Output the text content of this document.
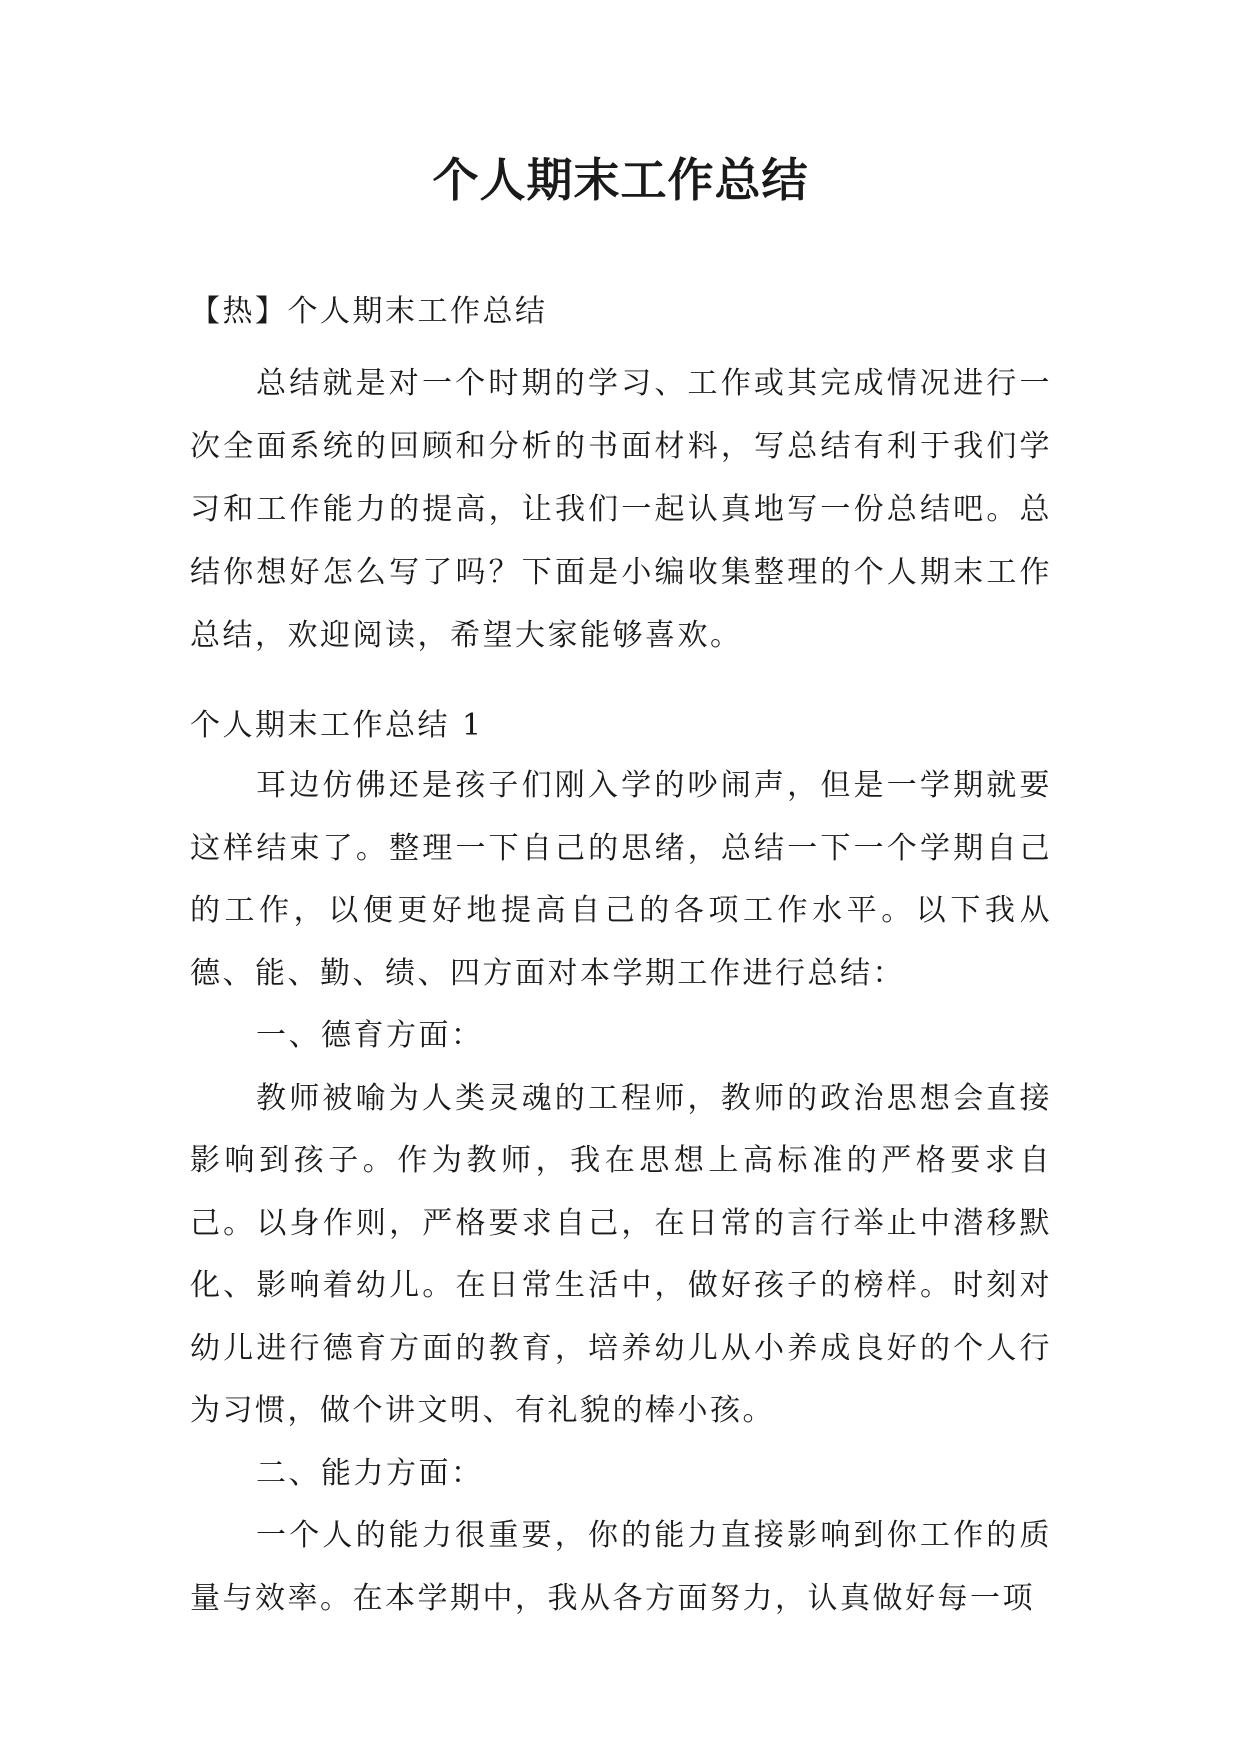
个人期末工作总结
【热】个人期末工作总结

总结就是对一个时期的学习、工作或其完成情况进行一次全面系统的回顾和分析的书面材料，写总结有利于我们学习和工作能力的提高，让我们一起认真地写一份总结吧。总结你想好怎么写了吗？下面是小编收集整理的个人期末工作总结，欢迎阅读，希望大家能够喜欢。

个人期末工作总结 1

耳边仿佛还是孩子们刚入学的吵闹声，但是一学期就要这样结束了。整理一下自己的思绪，总结一下一个学期自己的工作，以便更好地提高自己的各项工作水平。以下我从德、能、勤、绩、四方面对本学期工作进行总结：

一、德育方面：

教师被喻为人类灵魂的工程师，教师的政治思想会直接影响到孩子。作为教师，我在思想上高标准的严格要求自己。以身作则，严格要求自己，在日常的言行举止中潜移默化、影响着幼儿。在日常生活中，做好孩子的榜样。时刻对幼儿进行德育方面的教育，培养幼儿从小养成良好的个人行为习惯，做个讲文明、有礼貌的棒小孩。

二、能力方面：

一个人的能力很重要，你的能力直接影响到你工作的质量与效率。在本学期中，我从各方面努力，认真做好每一项
